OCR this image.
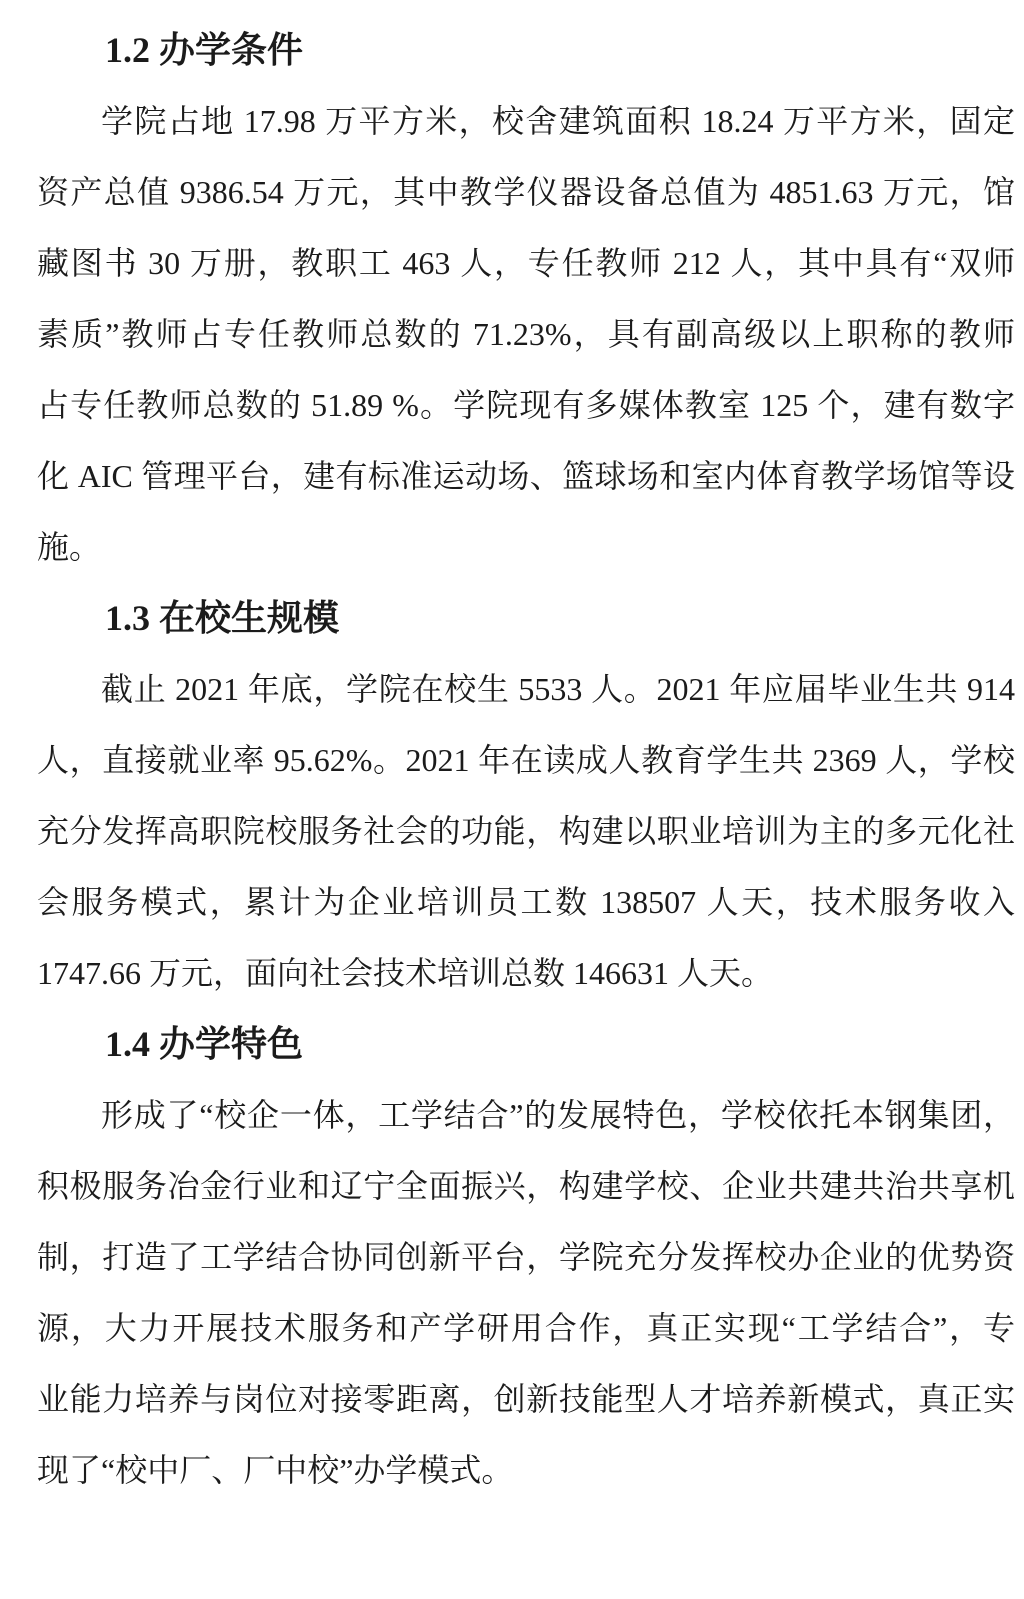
1.2 办学条件
学院占地 17.98 万平方米，校舍建筑面积 18.24 万平方米，固定
资产总值 9386.54 万元，其中教学仪器设备总值为 4851.63 万元，馆
藏图书 30 万册，教职工 463 人，专任教师 212 人，其中具有“双师
素质”教师占专任教师总数的 71.23%，具有副高级以上职称的教师
占专任教师总数的 51.89 %。学院现有多媒体教室 125 个，建有数字
化 AIC 管理平台，建有标准运动场、篮球场和室内体育教学场馆等设
施。
1.3 在校生规模
截止 2021 年底，学院在校生 5533 人。2021 年应届毕业生共 914
人，直接就业率 95.62%。2021 年在读成人教育学生共 2369 人，学校
充分发挥高职院校服务社会的功能，构建以职业培训为主的多元化社
会服务模式，累计为企业培训员工数 138507 人天，技术服务收入
1747.66 万元，面向社会技术培训总数 146631 人天。
1.4 办学特色
形成了“校企一体，工学结合”的发展特色，学校依托本钢集团，
积极服务冶金行业和辽宁全面振兴，构建学校、企业共建共治共享机
制，打造了工学结合协同创新平台，学院充分发挥校办企业的优势资
源，大力开展技术服务和产学研用合作，真正实现“工学结合”，专
业能力培养与岗位对接零距离，创新技能型人才培养新模式，真正实
现了“校中厂、厂中校”办学模式。
